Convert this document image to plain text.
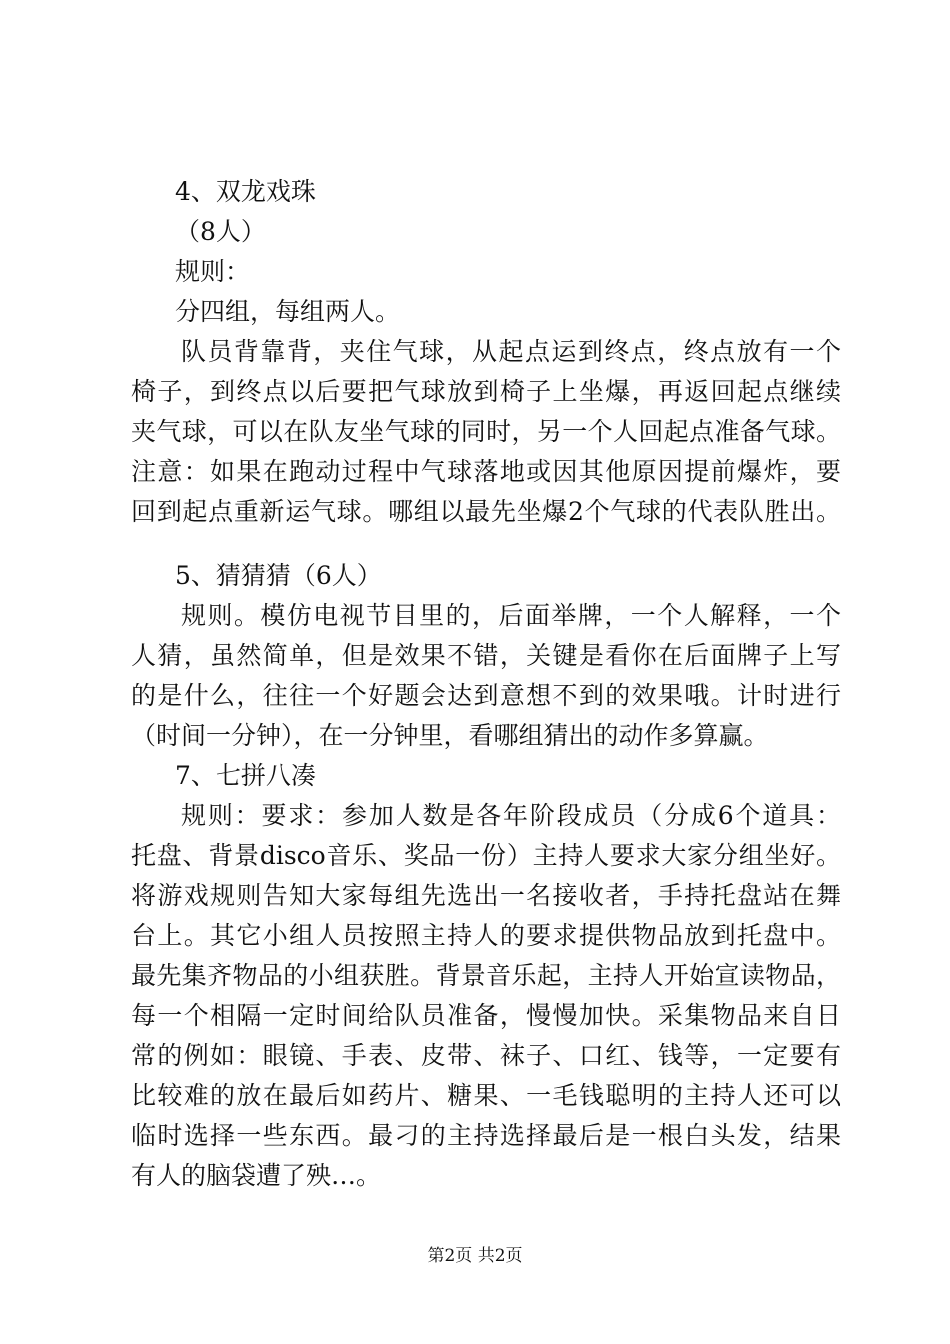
4、双龙戏珠

（8人）

规则：

分四组，每组两人。

队员背靠背，夹住气球，从起点运到终点，终点放有一个

椅子，到终点以后要把气球放到椅子上坐爆，再返回起点继续

夹气球，可以在队友坐气球的同时，另一个人回起点准备气球。

注意：如果在跑动过程中气球落地或因其他原因提前爆炸，要

回到起点重新运气球。哪组以最先坐爆2个气球的代表队胜出。

5、猜猜猜（6人）

规则。模仿电视节目里的，后面举牌，一个人解释，一个

人猜，虽然简单，但是效果不错，关键是看你在后面牌子上写

的是什么，往往一个好题会达到意想不到的效果哦。计时进行

（时间一分钟），在一分钟里，看哪组猜出的动作多算赢。

7、七拼八凑

规则：要求：参加人数是各年阶段成员（分成6个道具：

托盘、背景disco音乐、奖品一份）主持人要求大家分组坐好。

将游戏规则告知大家每组先选出一名接收者，手持托盘站在舞

台上。其它小组人员按照主持人的要求提供物品放到托盘中。

最先集齐物品的小组获胜。背景音乐起，主持人开始宣读物品，

每一个相隔一定时间给队员准备，慢慢加快。采集物品来自日

常的例如：眼镜、手表、皮带、袜子、口红、钱等，一定要有

比较难的放在最后如药片、糖果、一毛钱聪明的主持人还可以

临时选择一些东西。最刁的主持选择最后是一根白头发，结果

有人的脑袋遭了殃…。

第2页 共2页
